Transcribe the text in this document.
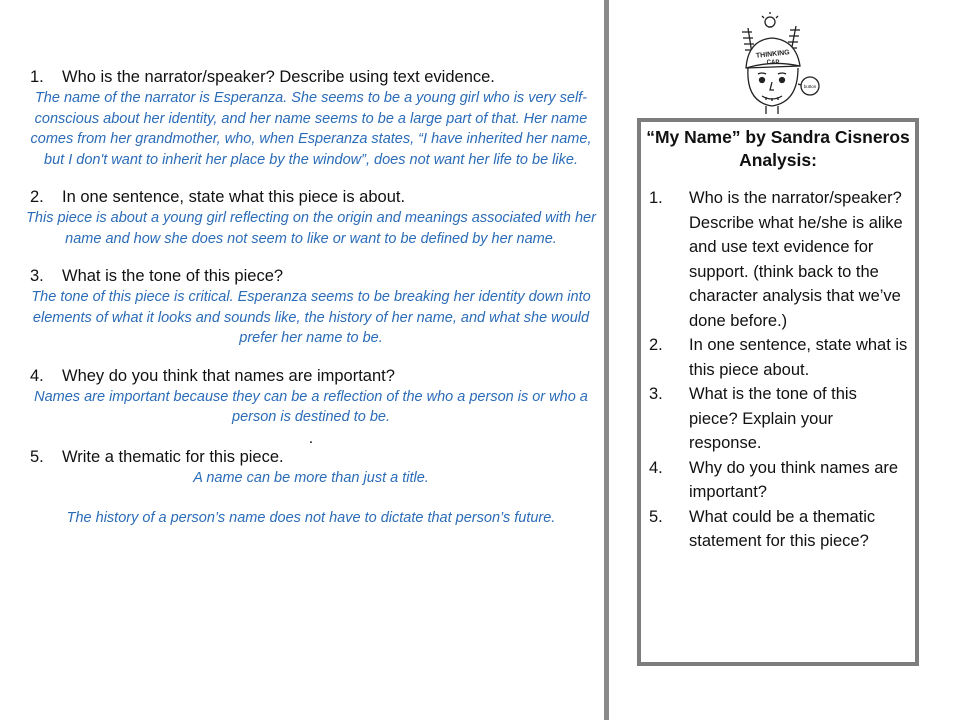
1.	Who is the narrator/speaker? Describe using text evidence.
The name of the narrator is Esperanza. She seems to be a young girl who is very self-conscious about her identity, and her name seems to be a large part of that. Her name comes from her grandmother, who, when Esperanza states, “I have inherited her name, but I don't want to inherit her place by the window”, does not want her life to be like.
2.	In one sentence, state what this piece is about.
This piece is about a young girl reflecting on the origin and meanings associated with her name and how she does not seem to like or want to be defined by her name.
3.	What is the tone of this piece?
The tone of this piece is critical. Esperanza seems to be breaking her identity down into elements of what it looks and sounds like, the history of her name, and what she would prefer her name to be.
4.	Whey do you think that names are important?
Names are important because they can be a reflection of the who a person is or who a person is destined to be.
.
5.	Write a thematic for this piece.
A name can be more than just a title.
The history of a person’s name does not have to dictate that person’s future.
THINKING
CAP
button
“My Name” by Sandra Cisneros Analysis:
1.	Who is the narrator/speaker? Describe what he/she is alike and use text evidence for support. (think back to the character analysis that we’ve done before.)
2.	In one sentence, state what is this piece about.
3.	What is the tone of this piece? Explain your response.
4.	Why do you think names are important?
5.	What could be a thematic statement for this piece?
